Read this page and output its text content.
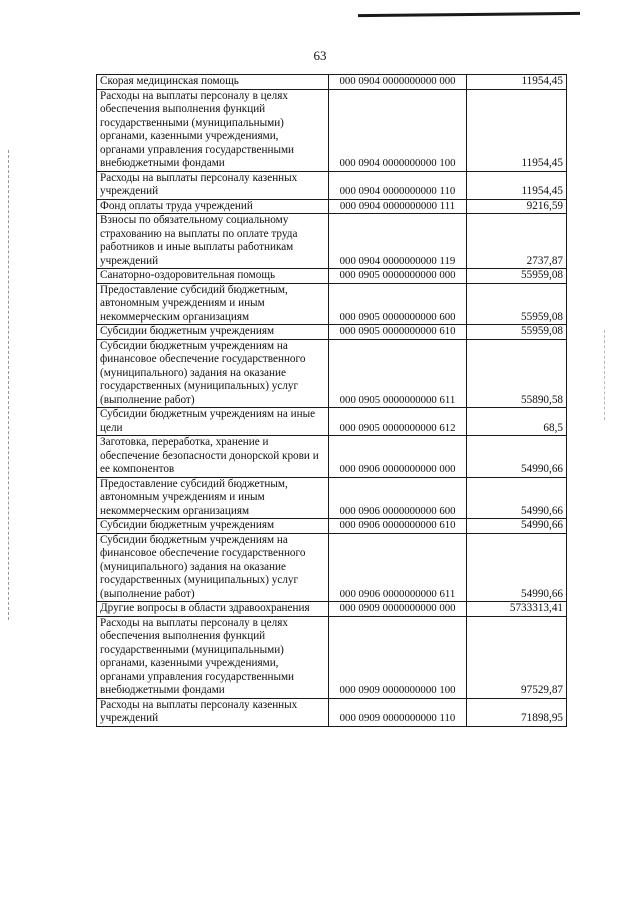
63
Скорая медицинская помощь	000 0904 0000000000 000	11954,45
Расходы на выплаты персоналу в целях обеспечения выполнения функций государственными (муниципальными) органами, казенными учреждениями, органами управления государственными внебюджетными фондами	000 0904 0000000000 100	11954,45
Расходы на выплаты персоналу казенных учреждений	000 0904 0000000000 110	11954,45
Фонд оплаты труда учреждений	000 0904 0000000000 111	9216,59
Взносы по обязательному социальному страхованию на выплаты по оплате труда работников и иные выплаты работникам учреждений	000 0904 0000000000 119	2737,87
Санаторно-оздоровительная помощь	000 0905 0000000000 000	55959,08
Предоставление субсидий бюджетным, автономным учреждениям и иным некоммерческим организациям	000 0905 0000000000 600	55959,08
Субсидии бюджетным учреждениям	000 0905 0000000000 610	55959,08
Субсидии бюджетным учреждениям на финансовое обеспечение государственного (муниципального) задания на оказание государственных (муниципальных) услуг (выполнение работ)	000 0905 0000000000 611	55890,58
Субсидии бюджетным учреждениям на иные цели	000 0905 0000000000 612	68,5
Заготовка, переработка, хранение и обеспечение безопасности донорской крови и ее компонентов	000 0906 0000000000 000	54990,66
Предоставление субсидий бюджетным, автономным учреждениям и иным некоммерческим организациям	000 0906 0000000000 600	54990,66
Субсидии бюджетным учреждениям	000 0906 0000000000 610	54990,66
Субсидии бюджетным учреждениям на финансовое обеспечение государственного (муниципального) задания на оказание государственных (муниципальных) услуг (выполнение работ)	000 0906 0000000000 611	54990,66
Другие вопросы в области здравоохранения	000 0909 0000000000 000	5733313,41
Расходы на выплаты персоналу в целях обеспечения выполнения функций государственными (муниципальными) органами, казенными учреждениями, органами управления государственными внебюджетными фондами	000 0909 0000000000 100	97529,87
Расходы на выплаты персоналу казенных учреждений	000 0909 0000000000 110	71898,95
